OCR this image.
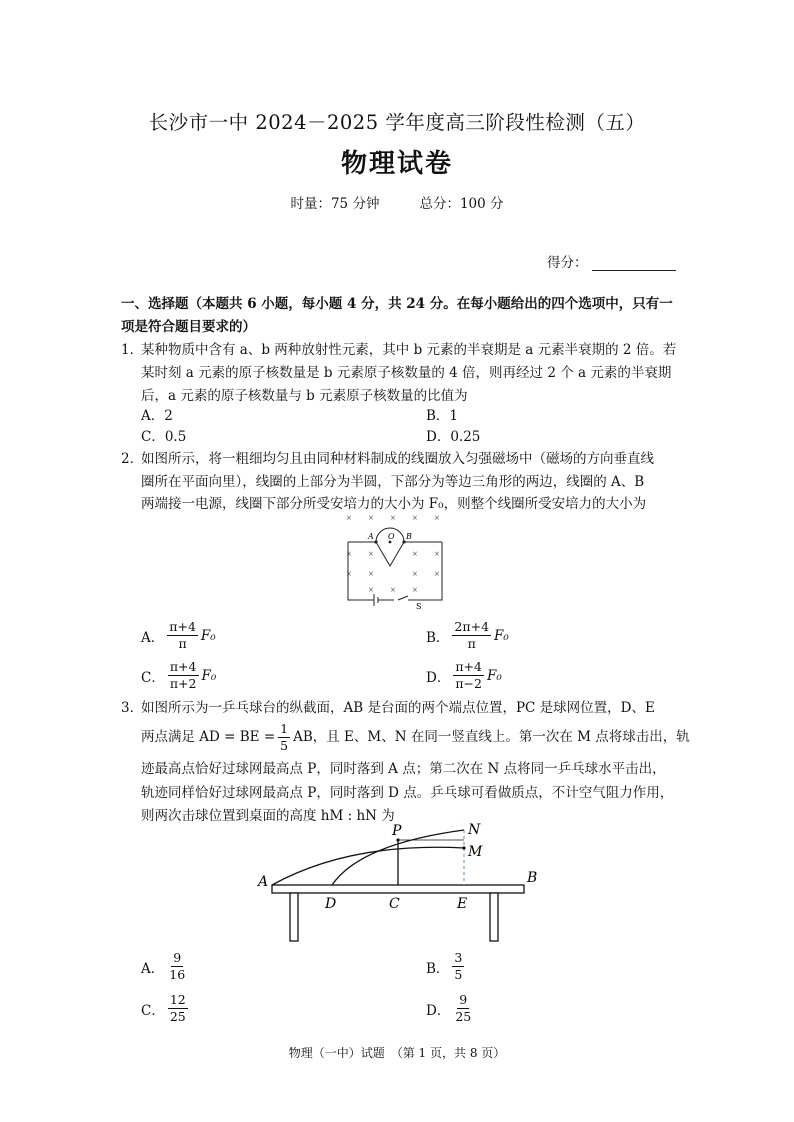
长沙市一中 2024－2025 学年度高三阶段性检测（五）
物理试卷
时量：75 分钟	总分：100 分
得分：
一、选择题（本题共 6 小题，每小题 4 分，共 24 分。在每小题给出的四个选项中，只有一
项是符合题目要求的）
1．
某种物质中含有 a、b 两种放射性元素，其中 b 元素的半衰期是 a 元素半衰期的 2 倍。若
某时刻 a 元素的原子核数量是 b 元素原子核数量的 4 倍，则再经过 2 个 a 元素的半衰期
后，a 元素的原子核数量与 b 元素原子核数量的比值为
A．2	B．1
C．0.5	D．0.25
2．
如图所示，将一粗细均匀且由同种材料制成的线圈放入匀强磁场中（磁场的方向垂直线
圈所在平面向里），线圈的上部分为半圆，下部分为等边三角形的两边，线圈的 A、B
两端接一电源，线圈下部分所受安培力的大小为 F₀，则整个线圈所受安培力的大小为
× × × × ×
×	×
× ×	× ×
×	×
×
×	×
A O B
S
A． $\frac{\pi+4}{\pi} F_0$	B． $\frac{2\pi+4}{\pi} F_0$
C． $\frac{\pi+4}{\pi+2} F_0$	D． $\frac{\pi+4}{\pi-2} F_0$
3．
如图所示为一乒乓球台的纵截面，AB 是台面的两个端点位置，PC 是球网位置，D、E
两点满足 AD = BE = $\frac{1}{5}$ AB，且 E、M、N 在同一竖直线上。第一次在 M 点将球击出，轨
迹最高点恰好过球网最高点 P，同时落到 A 点；第二次在 N 点将同一乒乓球水平击出，
轨迹同样恰好过球网最高点 P，同时落到 D 点。乒乓球可看做质点，不计空气阻力作用，
则两次击球位置到桌面的高度 hM : hN 为
P	N
M
A	B
D	C	E
A． $\frac{9}{16}$	B． $\frac{3}{5}$
C． $\frac{12}{25}$	D． $\frac{9}{25}$
物理（一中）试题　（第 1 页，共 8 页）
